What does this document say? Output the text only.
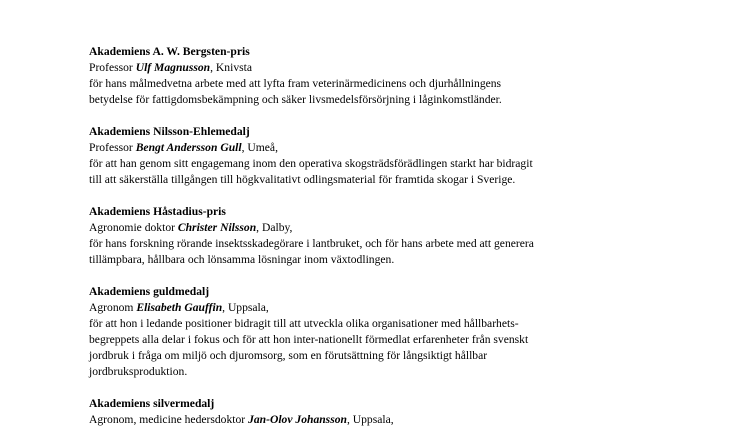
Akademiens A. W. Bergsten-pris
Professor Ulf Magnusson, Knivsta
för hans målmedvetna arbete med att lyfta fram veterinärmedicinens och djurhållningens
betydelse för fattigdomsbekämpning och säker livsmedelsförsörjning i låginkomstländer.
Akademiens Nilsson-Ehlemedalj
Professor Bengt Andersson Gull, Umeå,
för att han genom sitt engagemang inom den operativa skogsträdsförädlingen starkt har bidragit
till att säkerställa tillgången till högkvalitativt odlingsmaterial för framtida skogar i Sverige.
Akademiens Håstadius-pris
Agronomie doktor Christer Nilsson, Dalby,
för hans forskning rörande insektsskadegörare i lantbruket, och för hans arbete med att generera
tillämpbara, hållbara och lönsamma lösningar inom växtodlingen.
Akademiens guldmedalj
Agronom Elisabeth Gauffin, Uppsala,
för att hon i ledande positioner bidragit till att utveckla olika organisationer med hållbarhets-
begreppets alla delar i fokus och för att hon inter-nationellt förmedlat erfarenheter från svenskt
jordbruk i fråga om miljö och djuromsorg, som en förutsättning för långsiktigt hållbar
jordbruksproduktion.
Akademiens silvermedalj
Agronom, medicine hedersdoktor Jan-Olov Johansson, Uppsala,
